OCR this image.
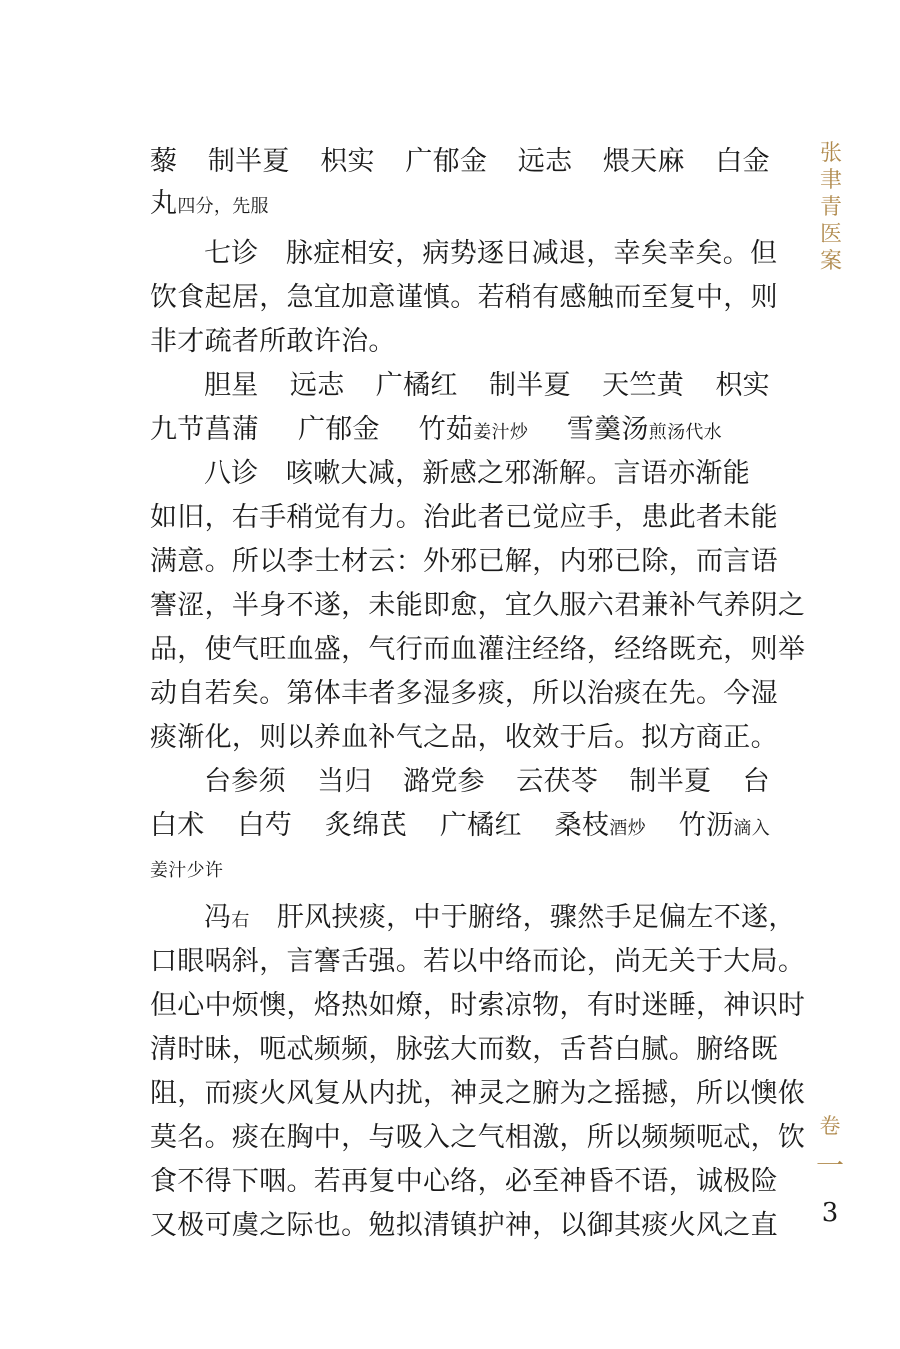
张
聿
青
医
案
卷
一
3
藜 制半夏 枳实 广郁金 远志 煨天麻 白金
丸四分，先服
七诊　脉症相安，病势逐日减退，幸矣幸矣。但
饮食起居，急宜加意谨慎。若稍有感触而至复中，则
非才疏者所敢许治。
胆星 远志 广橘红 制半夏 天竺黄 枳实
九节菖蒲 广郁金 竹茹姜汁炒 雪羹汤煎汤代水
八诊　咳嗽大减，新感之邪渐解。言语亦渐能
如旧，右手稍觉有力。治此者已觉应手，患此者未能
满意。所以李士材云：外邪已解，内邪已除，而言语
謇涩，半身不遂，未能即愈，宜久服六君兼补气养阴之
品，使气旺血盛，气行而血灌注经络，经络既充，则举
动自若矣。第体丰者多湿多痰，所以治痰在先。今湿
痰渐化，则以养血补气之品，收效于后。拟方商正。
台参须 当归 潞党参 云茯苓 制半夏 台
白术 白芍 炙绵芪 广橘红 桑枝酒炒 竹沥滴入
姜汁少许
冯右　肝风挟痰，中于腑络，骤然手足偏左不遂，
口眼㖞斜，言謇舌强。若以中络而论，尚无关于大局。
但心中烦懊，烙热如燎，时索凉物，有时迷睡，神识时
清时昧，呃忒频频，脉弦大而数，舌苔白腻。腑络既
阻，而痰火风复从内扰，神灵之腑为之摇撼，所以懊侬
莫名。痰在胸中，与吸入之气相激，所以频频呃忒，饮
食不得下咽。若再复中心络，必至神昏不语，诚极险
又极可虞之际也。勉拟清镇护神，以御其痰火风之直
